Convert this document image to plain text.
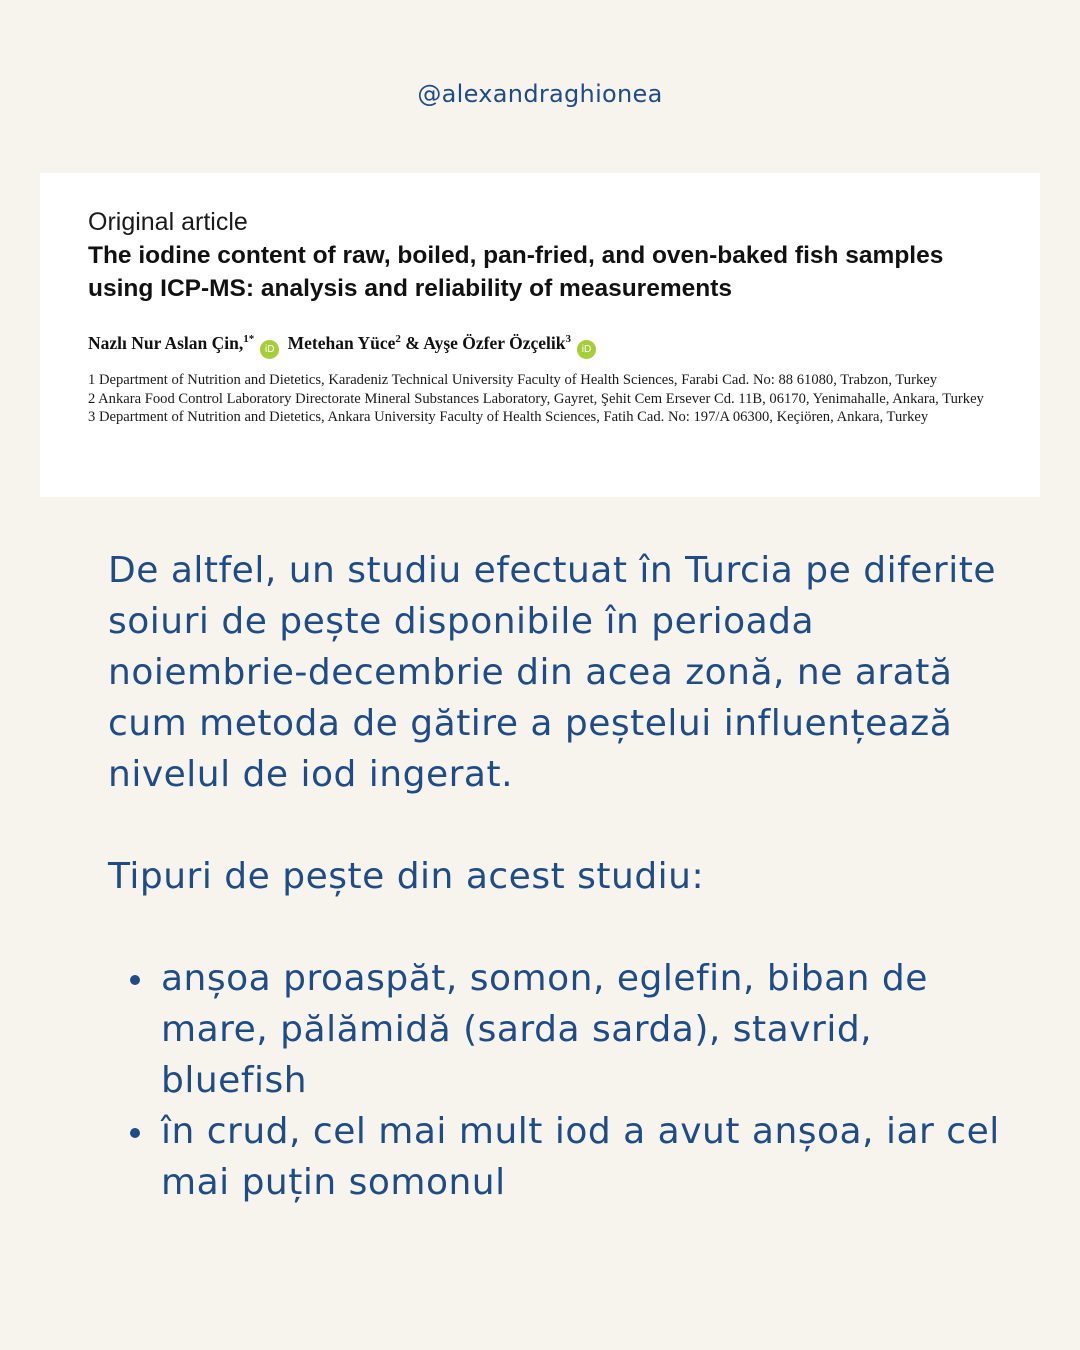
@alexandraghionea
Original article
The iodine content of raw, boiled, pan-fried, and oven-baked fish samples using ICP-MS: analysis and reliability of measurements
Nazlı Nur Aslan Çin,$^{1*}$iD Metehan Yüce$^2$ & Ayşe Özfer Özçelik$^3$iD

1 Department of Nutrition and Dietetics, Karadeniz Technical University Faculty of Health Sciences, Farabi Cad. No: 88 61080, Trabzon, Turkey

2 Ankara Food Control Laboratory Directorate Mineral Substances Laboratory, Gayret, Şehit Cem Ersever Cd. 11B, 06170, Yenimahalle, Ankara, Turkey

3 Department of Nutrition and Dietetics, Ankara University Faculty of Health Sciences, Fatih Cad. No: 197/A 06300, Keçiören, Ankara, Turkey

De altfel, un studiu efectuat în Turcia pe diferite soiuri de pește disponibile în perioada noiembrie-decembrie din acea zonă, ne arată cum metoda de gătire a peștelui influențează nivelul de iod ingerat.

Tipuri de pește din acest studiu:

anșoa proaspăt, somon, eglefin, biban de mare, pălămidă (sarda sarda), stavrid, bluefish
în crud, cel mai mult iod a avut anșoa, iar cel mai puțin somonul
